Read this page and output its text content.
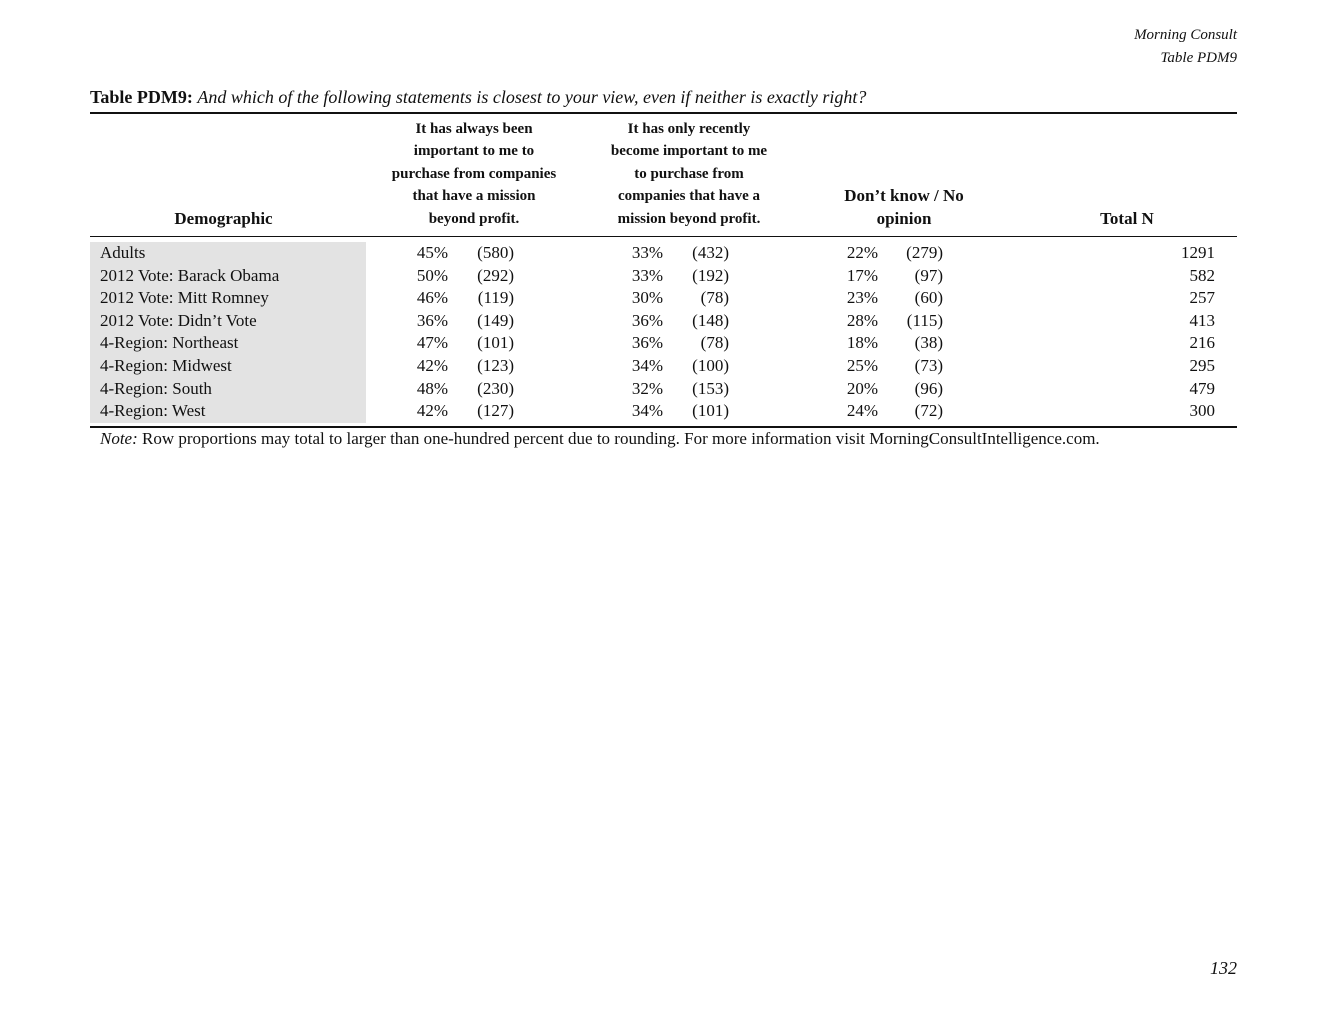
Morning Consult
Table PDM9
Table PDM9: And which of the following statements is closest to your view, even if neither is exactly right?
Demographic
It has always been
important to me to
purchase from companies
that have a mission
beyond profit.
It has only recently
become important to me
to purchase from
companies that have a
mission beyond profit.
Don’t know / No
opinion	Total N
Adults	45%	(580)	33%	(432)	22%	(279)	1291
2012 Vote: Barack Obama	50%	(292)	33%	(192)	17%	(97)	582
2012 Vote: Mitt Romney	46%	(119)	30%	(78)	23%	(60)	257
2012 Vote: Didn’t Vote	36%	(149)	36%	(148)	28%	(115)	413
4-Region: Northeast	47%	(101)	36%	(78)	18%	(38)	216
4-Region: Midwest	42%	(123)	34%	(100)	25%	(73)	295
4-Region: South	48%	(230)	32%	(153)	20%	(96)	479
4-Region: West	42%	(127)	34%	(101)	24%	(72)	300
Note: Row proportions may total to larger than one-hundred percent due to rounding. For more information visit MorningConsultIntelligence.com.
132
